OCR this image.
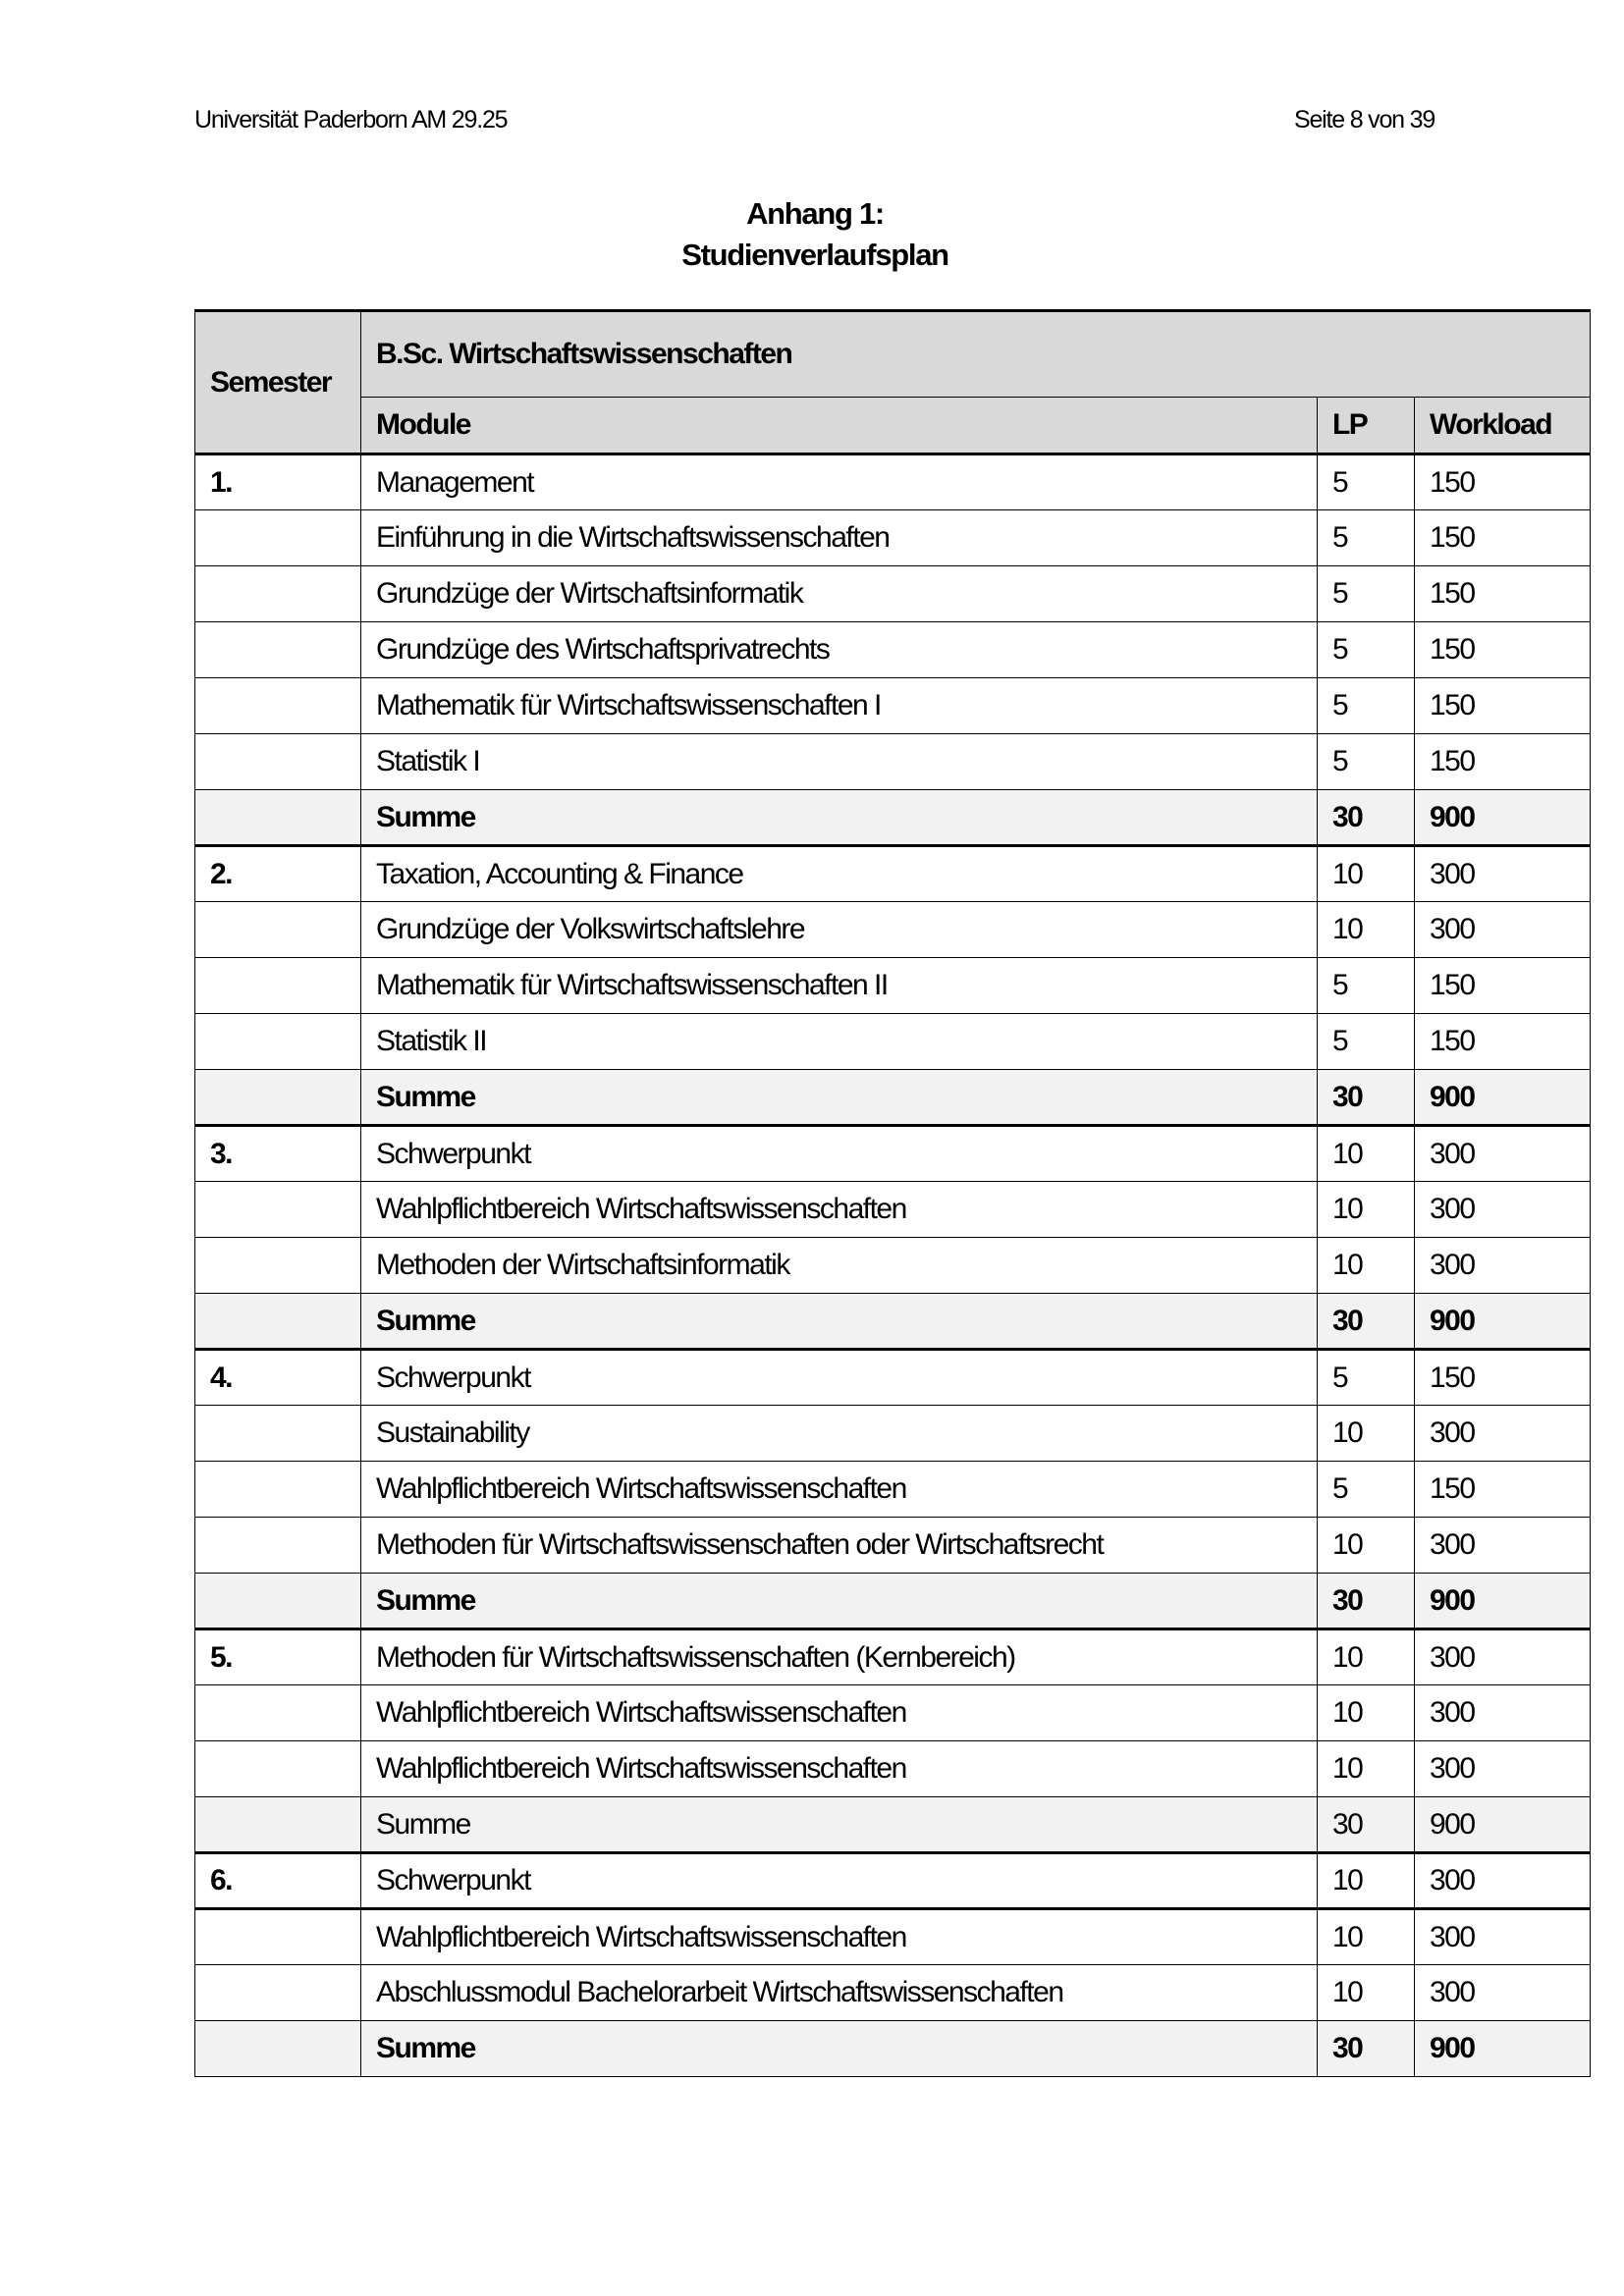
Universität Paderborn AM 29.25	Seite 8 von 39
Anhang 1:
Studienverlaufsplan
Semester	B.Sc. Wirtschaftswissenschaften		
	Module	LP	Workload
1.	Management	5	150
	Einführung in die Wirtschaftswissenschaften	5	150
	Grundzüge der Wirtschaftsinformatik	5	150
	Grundzüge des Wirtschaftsprivatrechts	5	150
	Mathematik für Wirtschaftswissenschaften I	5	150
	Statistik I	5	150
	Summe	30	900
2.	Taxation, Accounting & Finance	10	300
	Grundzüge der Volkswirtschaftslehre	10	300
	Mathematik für Wirtschaftswissenschaften II	5	150
	Statistik II	5	150
	Summe	30	900
3.	Schwerpunkt	10	300
	Wahlpflichtbereich Wirtschaftswissenschaften	10	300
	Methoden der Wirtschaftsinformatik	10	300
	Summe	30	900
4.	Schwerpunkt	5	150
	Sustainability	10	300
	Wahlpflichtbereich Wirtschaftswissenschaften	5	150
	Methoden für Wirtschaftswissenschaften oder Wirtschaftsrecht	10	300
	Summe	30	900
5.	Methoden für Wirtschaftswissenschaften (Kernbereich)	10	300
	Wahlpflichtbereich Wirtschaftswissenschaften	10	300
	Wahlpflichtbereich Wirtschaftswissenschaften	10	300
	Summe	30	900
6.	Schwerpunkt	10	300
	Wahlpflichtbereich Wirtschaftswissenschaften	10	300
	Abschlussmodul Bachelorarbeit Wirtschaftswissenschaften	10	300
	Summe	30	900
